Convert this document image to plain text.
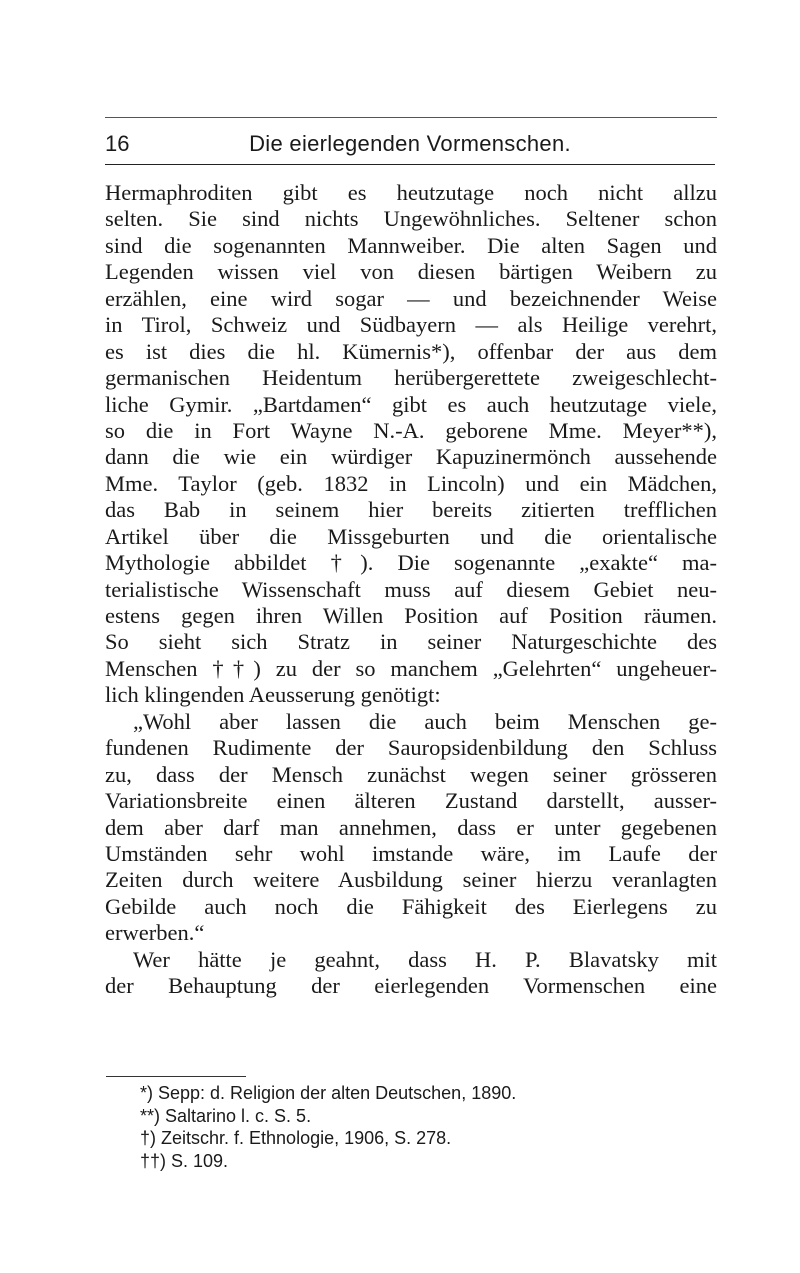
16	Die eierlegenden Vormenschen.
Hermaphroditen gibt es heutzutage noch nicht allzu
selten. Sie sind nichts Ungewöhnliches. Seltener schon
sind die sogenannten Mannweiber. Die alten Sagen und
Legenden wissen viel von diesen bärtigen Weibern zu
erzählen, eine wird sogar — und bezeichnender Weise
in Tirol, Schweiz und Südbayern — als Heilige verehrt,
es ist dies die hl. Kümernis*), offenbar der aus dem
germanischen Heidentum herübergerettete zweigeschlecht-
liche Gymir. „Bartdamen“ gibt es auch heutzutage viele,
so die in Fort Wayne N.-A. geborene Mme. Meyer**),
dann die wie ein würdiger Kapuzinermönch aussehende
Mme. Taylor (geb. 1832 in Lincoln) und ein Mädchen,
das Bab in seinem hier bereits zitierten trefflichen
Artikel über die Missgeburten und die orientalische
Mythologie abbildet †). Die sogenannte „exakte“ ma-
terialistische Wissenschaft muss auf diesem Gebiet neu-
estens gegen ihren Willen Position auf Position räumen.
So sieht sich Stratz in seiner Naturgeschichte des
Menschen ††) zu der so manchem „Gelehrten“ ungeheuer-
lich klingenden Aeusserung genötigt:
„Wohl aber lassen die auch beim Menschen ge-
fundenen Rudimente der Sauropsidenbildung den Schluss
zu, dass der Mensch zunächst wegen seiner grösseren
Variationsbreite einen älteren Zustand darstellt, ausser-
dem aber darf man annehmen, dass er unter gegebenen
Umständen sehr wohl imstande wäre, im Laufe der
Zeiten durch weitere Ausbildung seiner hierzu veranlagten
Gebilde auch noch die Fähigkeit des Eierlegens zu
erwerben.“
Wer hätte je geahnt, dass H. P. Blavatsky mit
der Behauptung der eierlegenden Vormenschen eine
*) Sepp: d. Religion der alten Deutschen, 1890.
**) Saltarino l. c. S. 5.
†) Zeitschr. f. Ethnologie, 1906, S. 278.
††) S. 109.
